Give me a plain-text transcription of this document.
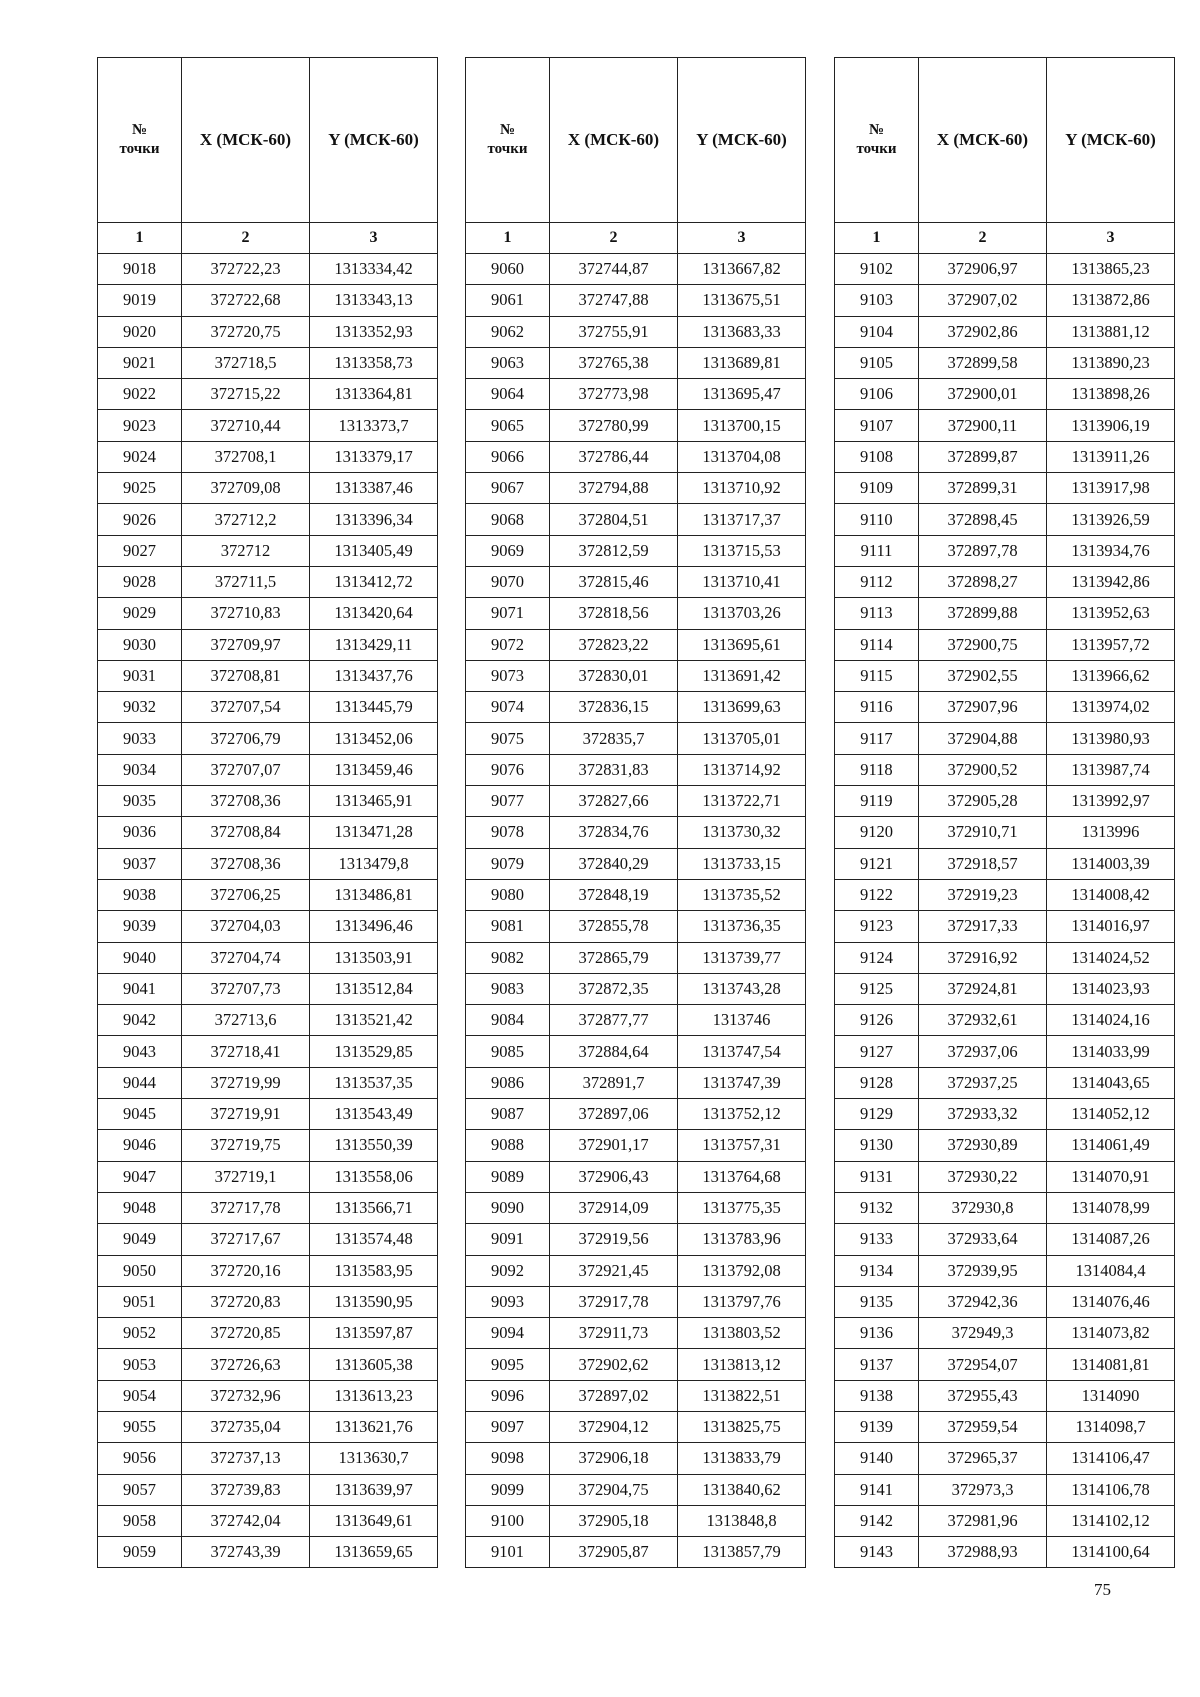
№
точки	X (МСК-60)	Y (МСК-60)
1	2	3
9018	372722,23	1313334,42
9019	372722,68	1313343,13
9020	372720,75	1313352,93
9021	372718,5	1313358,73
9022	372715,22	1313364,81
9023	372710,44	1313373,7
9024	372708,1	1313379,17
9025	372709,08	1313387,46
9026	372712,2	1313396,34
9027	372712	1313405,49
9028	372711,5	1313412,72
9029	372710,83	1313420,64
9030	372709,97	1313429,11
9031	372708,81	1313437,76
9032	372707,54	1313445,79
9033	372706,79	1313452,06
9034	372707,07	1313459,46
9035	372708,36	1313465,91
9036	372708,84	1313471,28
9037	372708,36	1313479,8
9038	372706,25	1313486,81
9039	372704,03	1313496,46
9040	372704,74	1313503,91
9041	372707,73	1313512,84
9042	372713,6	1313521,42
9043	372718,41	1313529,85
9044	372719,99	1313537,35
9045	372719,91	1313543,49
9046	372719,75	1313550,39
9047	372719,1	1313558,06
9048	372717,78	1313566,71
9049	372717,67	1313574,48
9050	372720,16	1313583,95
9051	372720,83	1313590,95
9052	372720,85	1313597,87
9053	372726,63	1313605,38
9054	372732,96	1313613,23
9055	372735,04	1313621,76
9056	372737,13	1313630,7
9057	372739,83	1313639,97
9058	372742,04	1313649,61
9059	372743,39	1313659,65
№
точки	X (МСК-60)	Y (МСК-60)
1	2	3
9060	372744,87	1313667,82
9061	372747,88	1313675,51
9062	372755,91	1313683,33
9063	372765,38	1313689,81
9064	372773,98	1313695,47
9065	372780,99	1313700,15
9066	372786,44	1313704,08
9067	372794,88	1313710,92
9068	372804,51	1313717,37
9069	372812,59	1313715,53
9070	372815,46	1313710,41
9071	372818,56	1313703,26
9072	372823,22	1313695,61
9073	372830,01	1313691,42
9074	372836,15	1313699,63
9075	372835,7	1313705,01
9076	372831,83	1313714,92
9077	372827,66	1313722,71
9078	372834,76	1313730,32
9079	372840,29	1313733,15
9080	372848,19	1313735,52
9081	372855,78	1313736,35
9082	372865,79	1313739,77
9083	372872,35	1313743,28
9084	372877,77	1313746
9085	372884,64	1313747,54
9086	372891,7	1313747,39
9087	372897,06	1313752,12
9088	372901,17	1313757,31
9089	372906,43	1313764,68
9090	372914,09	1313775,35
9091	372919,56	1313783,96
9092	372921,45	1313792,08
9093	372917,78	1313797,76
9094	372911,73	1313803,52
9095	372902,62	1313813,12
9096	372897,02	1313822,51
9097	372904,12	1313825,75
9098	372906,18	1313833,79
9099	372904,75	1313840,62
9100	372905,18	1313848,8
9101	372905,87	1313857,79
№
точки	X (МСК-60)	Y (МСК-60)
1	2	3
9102	372906,97	1313865,23
9103	372907,02	1313872,86
9104	372902,86	1313881,12
9105	372899,58	1313890,23
9106	372900,01	1313898,26
9107	372900,11	1313906,19
9108	372899,87	1313911,26
9109	372899,31	1313917,98
9110	372898,45	1313926,59
9111	372897,78	1313934,76
9112	372898,27	1313942,86
9113	372899,88	1313952,63
9114	372900,75	1313957,72
9115	372902,55	1313966,62
9116	372907,96	1313974,02
9117	372904,88	1313980,93
9118	372900,52	1313987,74
9119	372905,28	1313992,97
9120	372910,71	1313996
9121	372918,57	1314003,39
9122	372919,23	1314008,42
9123	372917,33	1314016,97
9124	372916,92	1314024,52
9125	372924,81	1314023,93
9126	372932,61	1314024,16
9127	372937,06	1314033,99
9128	372937,25	1314043,65
9129	372933,32	1314052,12
9130	372930,89	1314061,49
9131	372930,22	1314070,91
9132	372930,8	1314078,99
9133	372933,64	1314087,26
9134	372939,95	1314084,4
9135	372942,36	1314076,46
9136	372949,3	1314073,82
9137	372954,07	1314081,81
9138	372955,43	1314090
9139	372959,54	1314098,7
9140	372965,37	1314106,47
9141	372973,3	1314106,78
9142	372981,96	1314102,12
9143	372988,93	1314100,64
75
